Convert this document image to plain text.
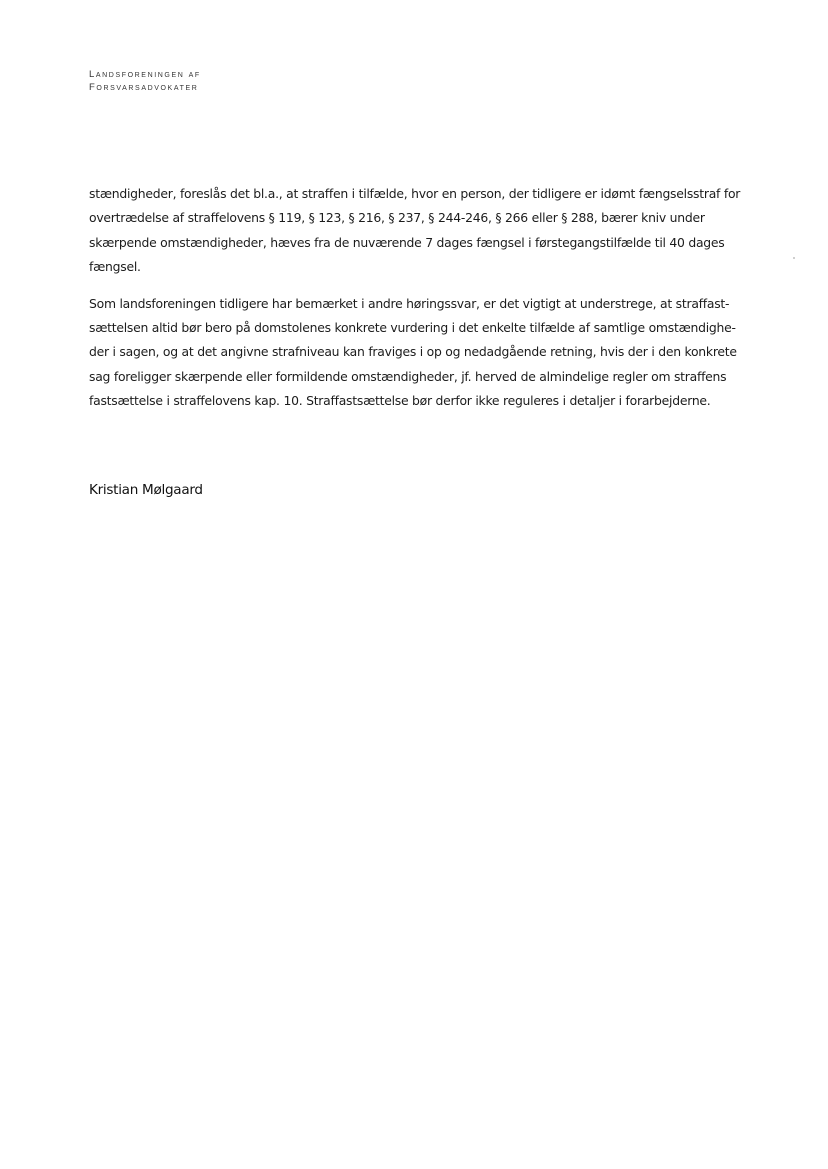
Landsforeningen af
Forsvarsadvokater

stændigheder, foreslås det bl.a., at straffen i tilfælde, hvor en person, der tidligere er idømt fængselsstraf for overtrædelse af straffelovens § 119, § 123, § 216, § 237, § 244-246, § 266 eller § 288, bærer kniv under skærpende omstændigheder, hæves fra de nuværende 7 dages fængsel i førstegangstilfælde til 40 dages fængsel.

Som landsforeningen tidligere har bemærket i andre høringssvar, er det vigtigt at understrege, at straffast-sættelsen altid bør bero på domstolenes konkrete vurdering i det enkelte tilfælde af samtlige omstændighe-der i sagen, og at det angivne strafniveau kan fraviges i op og nedadgående retning, hvis der i den konkrete sag foreligger skærpende eller formildende omstændigheder, jf. herved de almindelige regler om straffens fastsættelse i straffelovens kap. 10. Straffastsættelse bør derfor ikke reguleres i detaljer i forarbejderne.

Kristian Mølgaard
